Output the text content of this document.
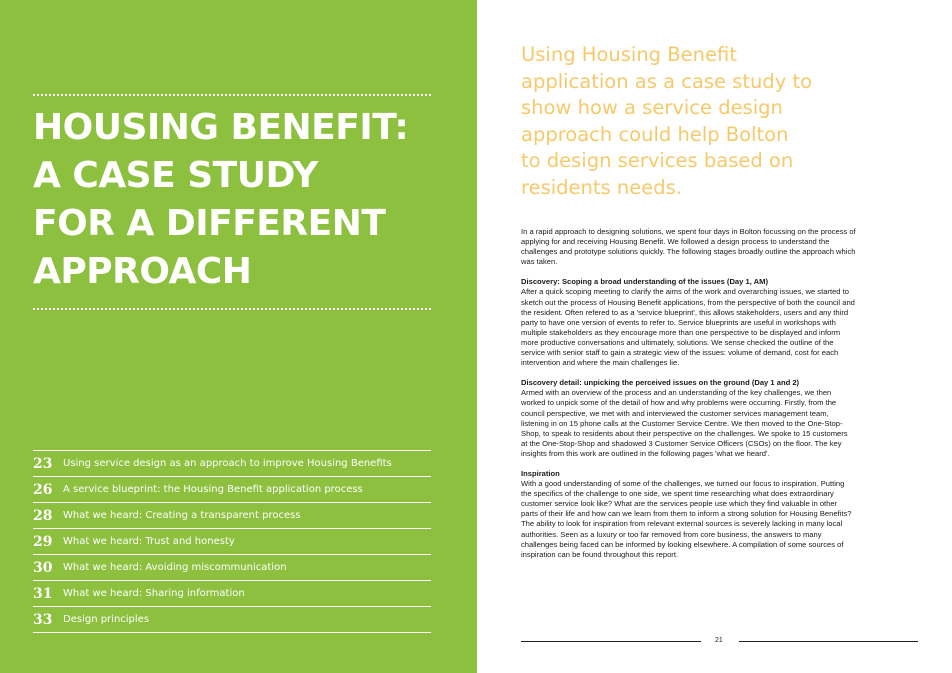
HOUSING BENEFIT:
A CASE STUDY
FOR A DIFFERENT
APPROACH
23	Using service design as an approach to improve Housing Benefits
26	A service blueprint: the Housing Benefit application process
28	What we heard: Creating a transparent process
29	What we heard: Trust and honesty
30	What we heard: Avoiding miscommunication
31	What we heard: Sharing information
33	Design principles
Using Housing Benefit
application as a case study to
show how a service design
approach could help Bolton
to design services based on
residents needs.

In a rapid approach to designing solutions, we spent four days in Bolton focussing on the process of applying for and receiving Housing Benefit. We followed a design process to understand the challenges and prototype solutions quickly. The following stages broadly outline the approach which was taken.

Discovery: Scoping a broad understanding of the issues (Day 1, AM)
After a quick scoping meeting to clarify the aims of the work and overarching issues, we started to sketch out the process of Housing Benefit applications, from the perspective of both the council and the resident. Often refered to as a 'service blueprint', this allows stakeholders, users and any third party to have one version of events to refer to. Service blueprints are useful in workshops with multiple stakeholders as they encourage more than one perspective to be displayed and inform more productive conversations and ultimately, solutions. We sense checked the outline of the service with senior staff to gain a strategic view of the issues: volume of demand, cost for each intervention and where the main challenges lie.

Discovery detail: unpicking the perceived issues on the ground (Day 1 and 2)
Armed with an overview of the process and an understanding of the key challenges, we then worked to unpick some of the detail of how and why problems were occurring. Firstly, from the council perspective, we met with and interviewed the customer services management team, listening in on 15 phone calls at the Customer Service Centre. We then moved to the One-Stop-Shop, to speak to residents about their perspective on the challenges. We spoke to 15 customers at the One-Stop-Shop and shadowed 3 Customer Service Officers (CSOs) on the floor. The key insights from this work are outlined in the following pages 'what we heard'.

Inspiration
With a good understanding of some of the challenges, we turned our focus to inspiration. Putting the specifics of the challenge to one side, we spent time researching what does extraordinary customer service look like? What are the services people use which they find valuable in other parts of their life and how can we learn from them to inform a strong solution for Housing Benefits? The ability to look for inspiration from relevant external sources is severely lacking in many local authorities. Seen as a luxury or too far removed from core business, the answers to many challenges being faced can be informed by looking elsewhere. A compilation of some sources of inspiration can be found throughout this report.

21
